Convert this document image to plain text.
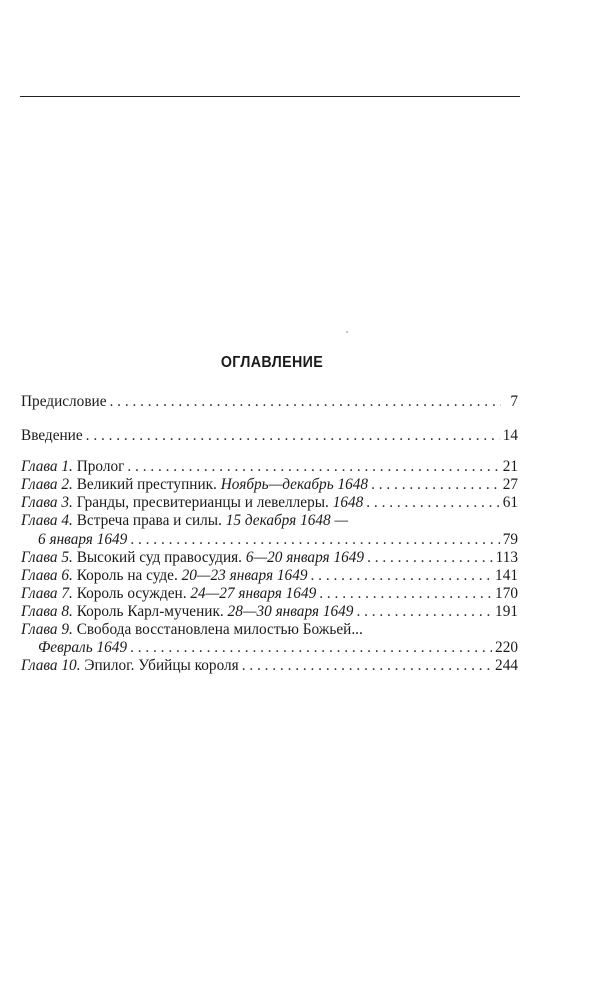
ОГЛАВЛЕНИЕ
Предисловие . . .	7
Введение . . .	14
Глава 1. Пролог . . .	21
Глава 2. Великий преступник. Ноябрь—декабрь 1648 . . .	27
Глава 3. Гранды, пресвитерианцы и левеллеры. 1648 . . .	61
Глава 4. Встреча права и силы. 15 декабря 1648 —
6 января 1649 . . .	79
Глава 5. Высокий суд правосудия. 6—20 января 1649 . . .	113
Глава 6. Король на суде. 20—23 января 1649 . . .	141
Глава 7. Король осужден. 24—27 января 1649 . . .	170
Глава 8. Король Карл-мученик. 28—30 января 1649 . . .	191
Глава 9. Свобода восстановлена милостью Божьей...
Февраль 1649 . . .	220
Глава 10. Эпилог. Убийцы короля . . .	244
